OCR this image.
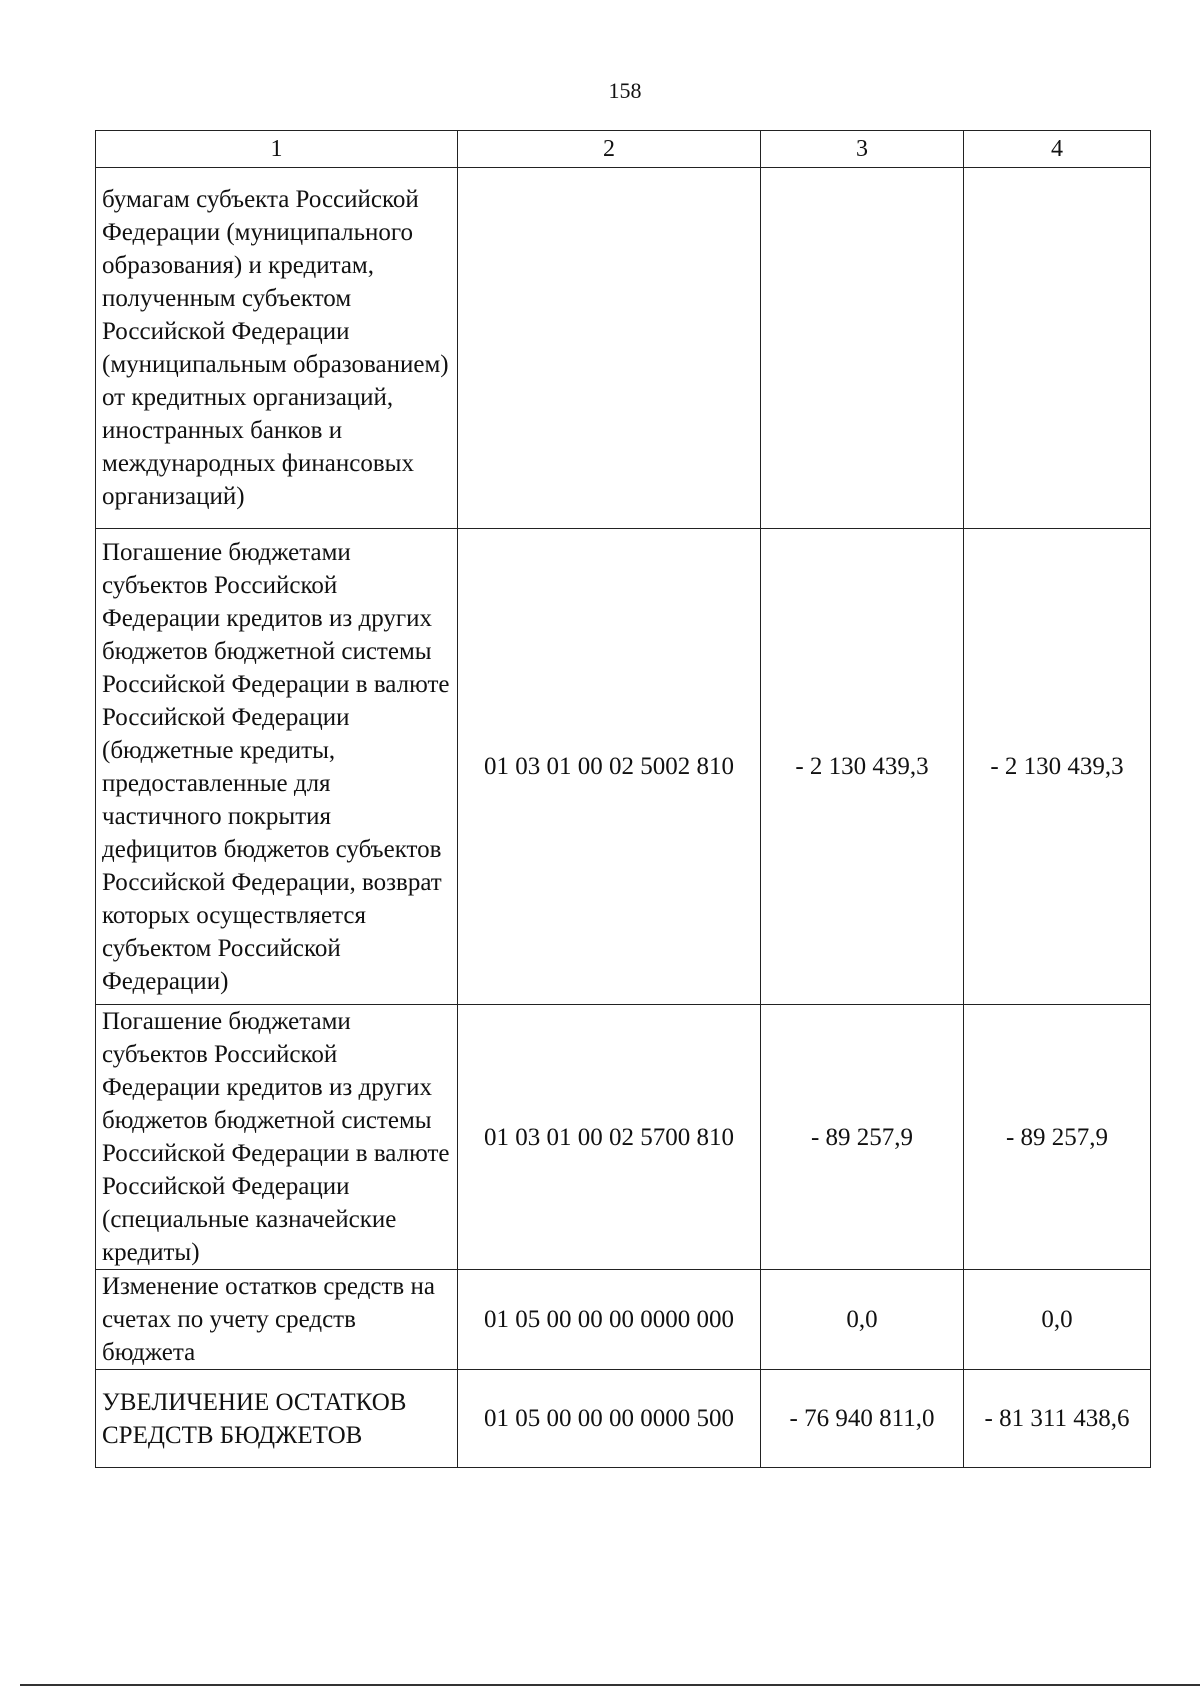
158
1	2	3	4
бумагам субъекта Российской Федерации (муниципального образования) и кредитам, полученным субъектом Российской Федерации (муниципальным образованием) от кредитных организаций, иностранных банков и международных финансовых организаций)			
Погашение бюджетами субъектов Российской Федерации кредитов из других бюджетов бюджетной системы Российской Федерации в валюте Российской Федерации (бюджетные кредиты, предоставленные для частичного покрытия дефицитов бюджетов субъектов Российской Федерации, возврат которых осуществляется субъектом Российской Федерации)	01 03 01 00 02 5002 810	- 2 130 439,3	- 2 130 439,3
Погашение бюджетами субъектов Российской Федерации кредитов из других бюджетов бюджетной системы Российской Федерации в валюте Российской Федерации (специальные казначейские кредиты)	01 03 01 00 02 5700 810	- 89 257,9	- 89 257,9
Изменение остатков средств на счетах по учету средств бюджета	01 05 00 00 00 0000 000	0,0	0,0
УВЕЛИЧЕНИЕ ОСТАТКОВ СРЕДСТВ БЮДЖЕТОВ	01 05 00 00 00 0000 500	- 76 940 811,0	- 81 311 438,6
